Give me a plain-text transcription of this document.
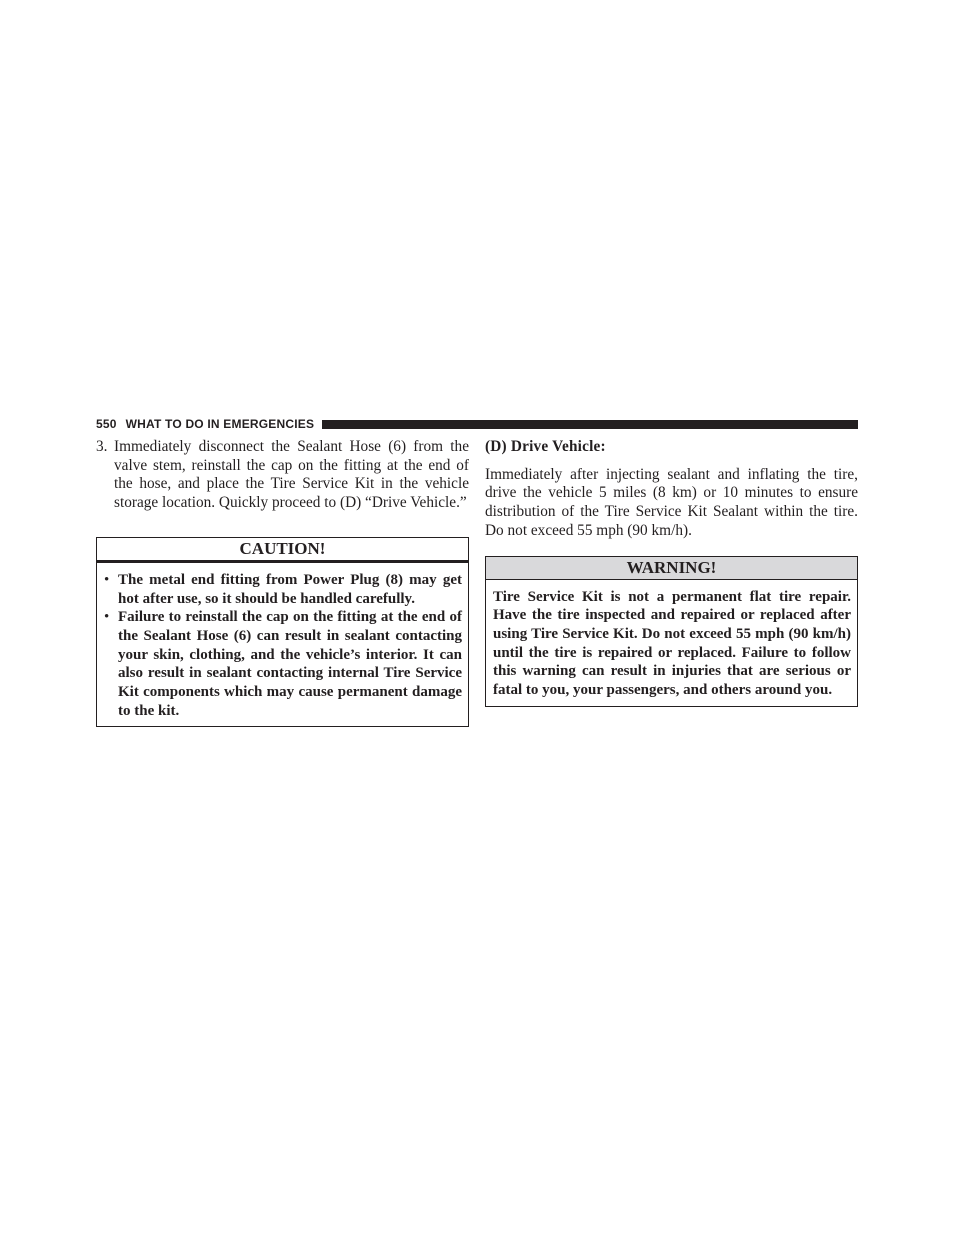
550 WHAT TO DO IN EMERGENCIES
3. Immediately disconnect the Sealant Hose (6) from the valve stem, reinstall the cap on the fitting at the end of the hose, and place the Tire Service Kit in the vehicle storage location. Quickly proceed to (D) “Drive Vehicle.”

CAUTION!
• The metal end fitting from Power Plug (8) may get hot after use, so it should be handled carefully.
• Failure to reinstall the cap on the fitting at the end of the Sealant Hose (6) can result in sealant contacting your skin, clothing, and the vehicle’s interior. It can also result in sealant contacting internal Tire Service Kit components which may cause permanent damage to the kit.
(D) Drive Vehicle:

Immediately after injecting sealant and inflating the tire, drive the vehicle 5 miles (8 km) or 10 minutes to ensure distribution of the Tire Service Kit Sealant within the tire. Do not exceed 55 mph (90 km/h).

WARNING!

Tire Service Kit is not a permanent flat tire repair. Have the tire inspected and repaired or replaced after using Tire Service Kit. Do not exceed 55 mph (90 km/h) until the tire is repaired or replaced. Failure to follow this warning can result in injuries that are serious or fatal to you, your passengers, and others around you.
